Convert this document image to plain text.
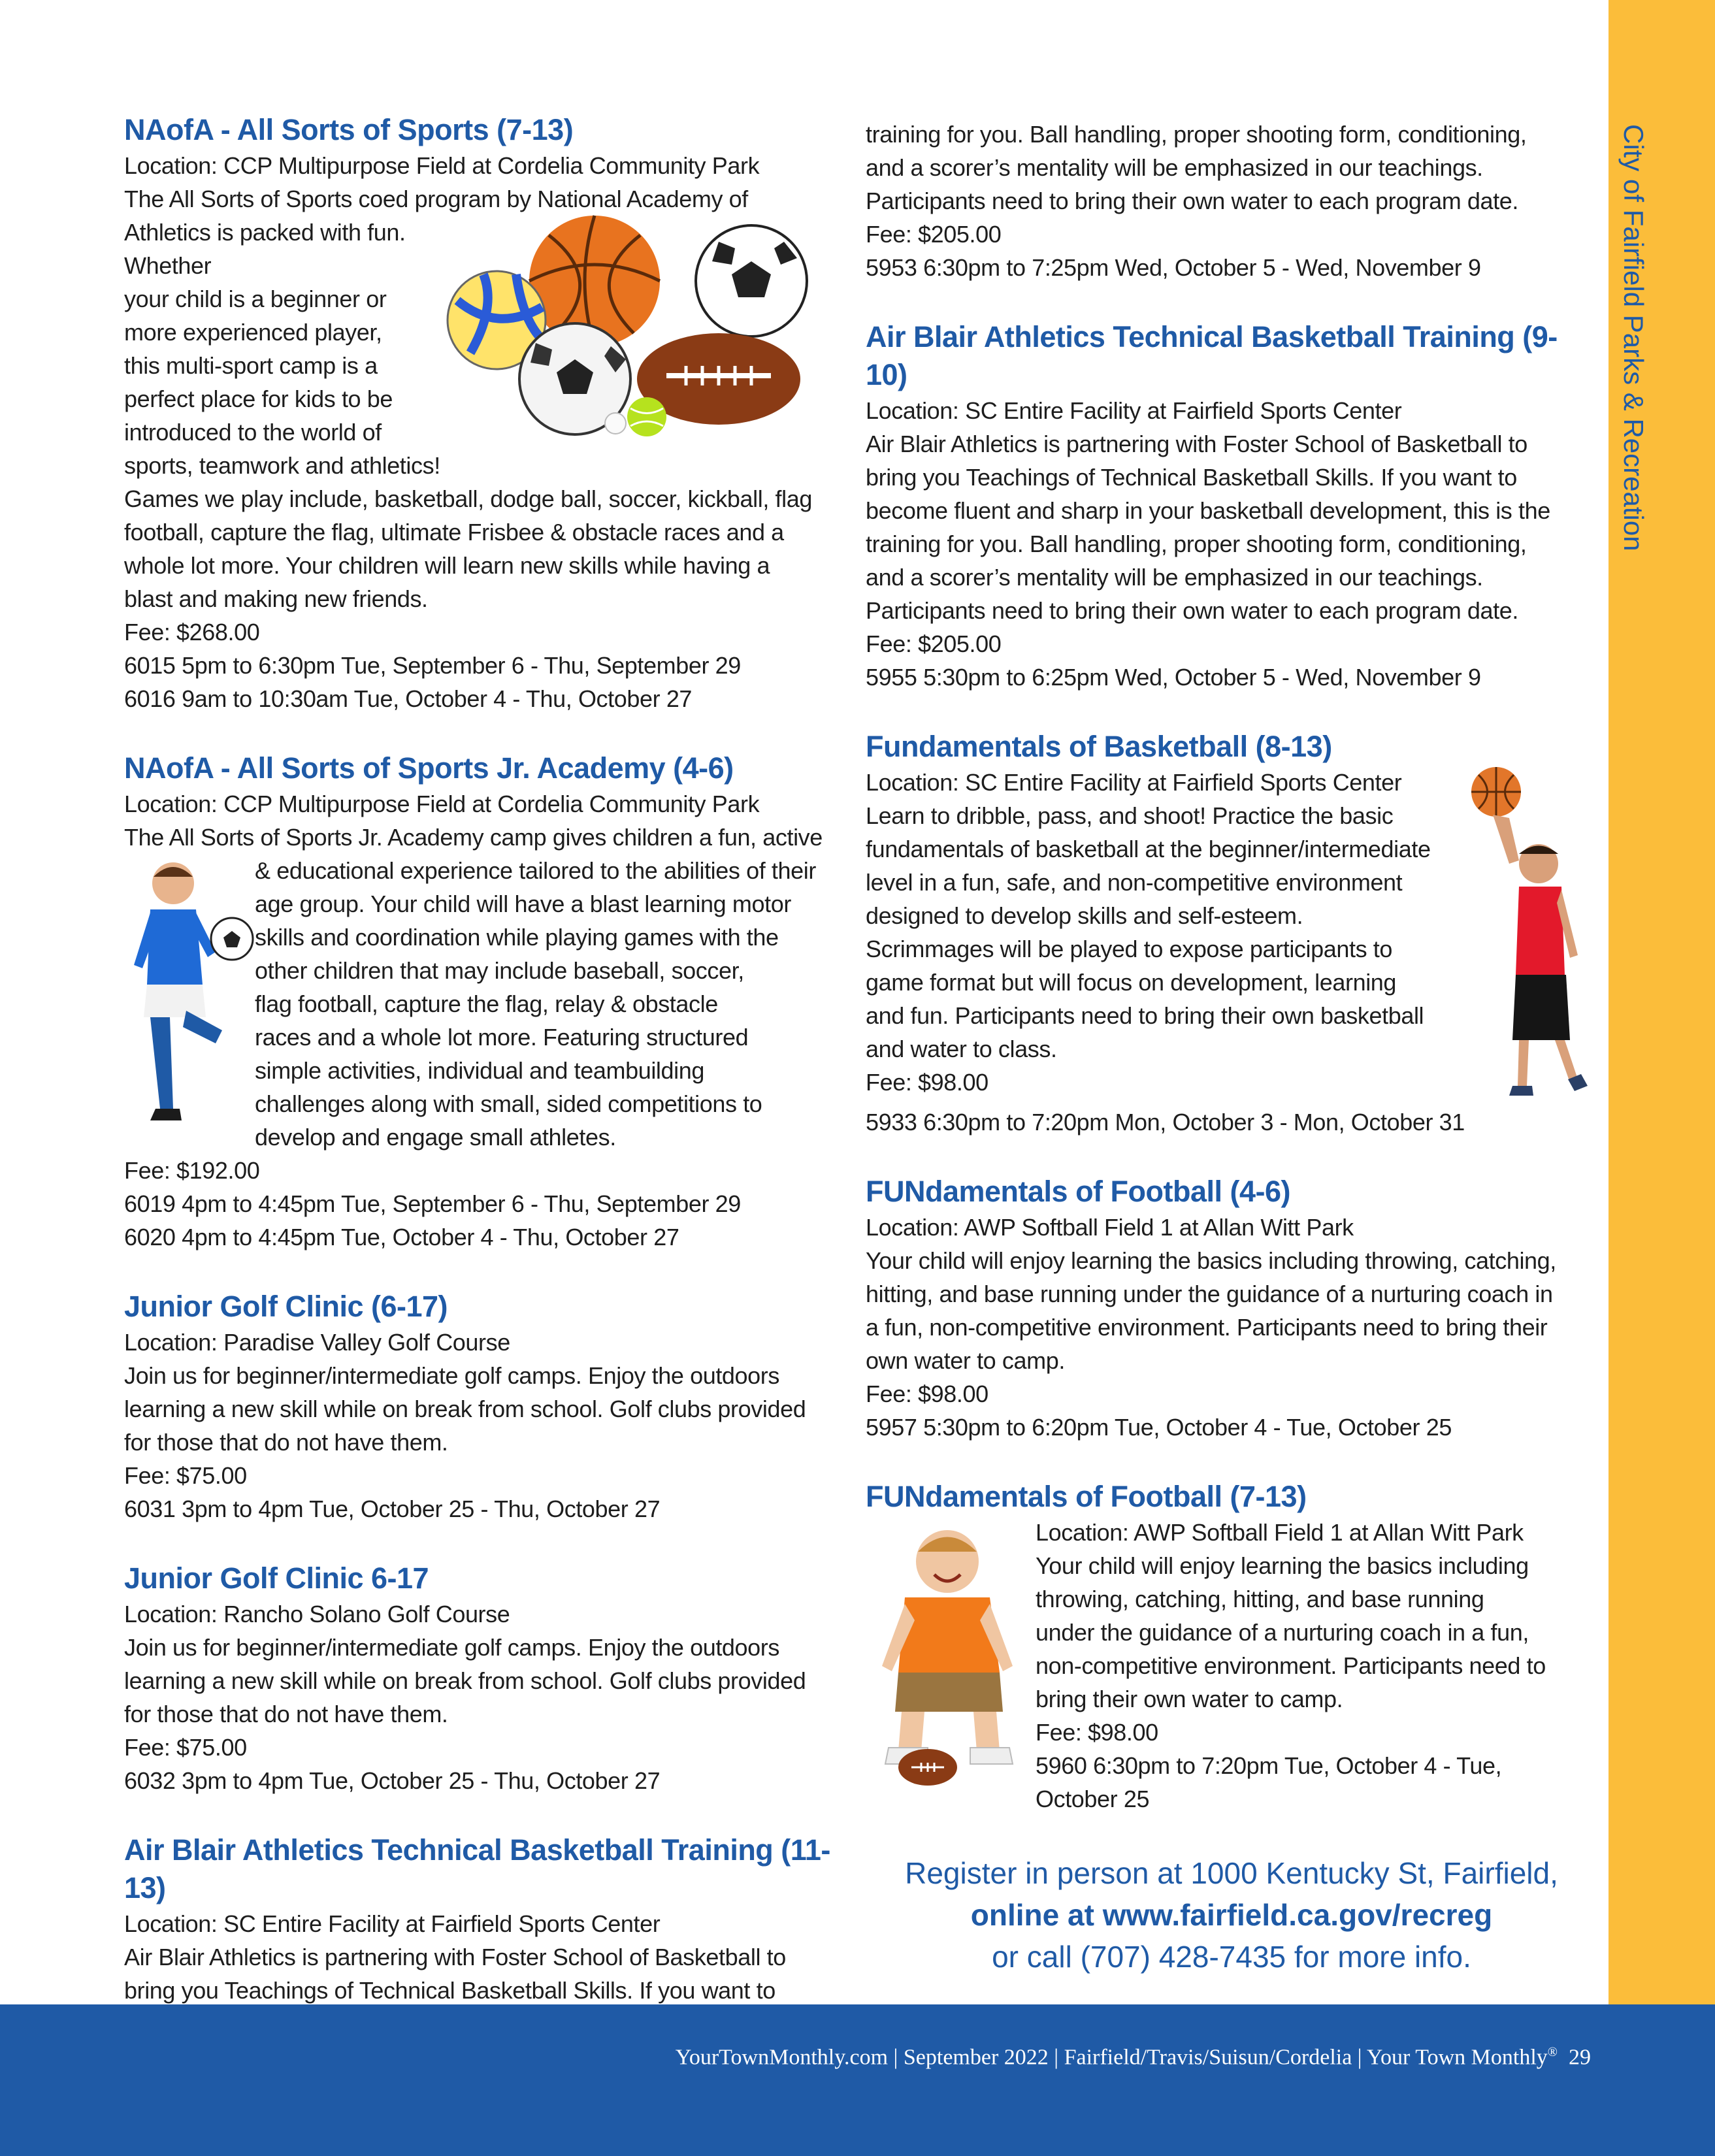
City of Fairfield Parks & Recreation
NAofA - All Sorts of Sports (7-13)

Location: CCP Multipurpose Field at Cordelia Community Park

The All Sorts of Sports coed program by National Academy of

Athletics is packed with fun. Whether

your child is a beginner or

more experienced player,

this multi-sport camp is a

perfect place for kids to be

introduced to the world of

sports, teamwork and athletics!

Games we play include, basketball, dodge ball, soccer, kickball, flag

football, capture the flag, ultimate Frisbee & obstacle races and a

whole lot more. Your children will learn new skills while having a

blast and making new friends.

Fee: $268.00

6015 5pm to 6:30pm Tue, September 6 - Thu, September 29

6016 9am to 10:30am Tue, October 4 - Thu, October 27

NAofA - All Sorts of Sports Jr. Academy (4-6)

Location: CCP Multipurpose Field at Cordelia Community Park

The All Sorts of Sports Jr. Academy camp gives children a fun, active

& educational experience tailored to the abilities of their

age group. Your child will have a blast learning motor

skills and coordination while playing games with the

other children that may include baseball, soccer,

flag football, capture the flag, relay & obstacle

races and a whole lot more. Featuring structured

simple activities, individual and teambuilding

challenges along with small, sided competitions to

develop and engage small athletes.

Fee: $192.00

6019 4pm to 4:45pm Tue, September 6 - Thu, September 29

6020 4pm to 4:45pm Tue, October 4 - Thu, October 27

Junior Golf Clinic (6-17)

Location: Paradise Valley Golf Course

Join us for beginner/intermediate golf camps. Enjoy the outdoors

learning a new skill while on break from school. Golf clubs provided

for those that do not have them.

Fee: $75.00

6031 3pm to 4pm Tue, October 25 - Thu, October 27

Junior Golf Clinic 6-17

Location: Rancho Solano Golf Course

Join us for beginner/intermediate golf camps. Enjoy the outdoors

learning a new skill while on break from school. Golf clubs provided

for those that do not have them.

Fee: $75.00

6032 3pm to 4pm Tue, October 25 - Thu, October 27

Air Blair Athletics Technical Basketball Training (11-13)

Location: SC Entire Facility at Fairfield Sports Center

Air Blair Athletics is partnering with Foster School of Basketball to

bring you Teachings of Technical Basketball Skills. If you want to

training for you. Ball handling, proper shooting form, conditioning,

and a scorer’s mentality will be emphasized in our teachings.

Participants need to bring their own water to each program date.

Fee: $205.00

5953 6:30pm to 7:25pm Wed, October 5 - Wed, November 9

Air Blair Athletics Technical Basketball Training (9-10)

Location: SC Entire Facility at Fairfield Sports Center

Air Blair Athletics is partnering with Foster School of Basketball to

bring you Teachings of Technical Basketball Skills. If you want to

become fluent and sharp in your basketball development, this is the

training for you. Ball handling, proper shooting form, conditioning,

and a scorer’s mentality will be emphasized in our teachings.

Participants need to bring their own water to each program date.

Fee: $205.00

5955 5:30pm to 6:25pm Wed, October 5 - Wed, November 9

Fundamentals of Basketball (8-13)

Location: SC Entire Facility at Fairfield Sports Center

Learn to dribble, pass, and shoot! Practice the basic

fundamentals of basketball at the beginner/intermediate

level in a fun, safe, and non-competitive environment

designed to develop skills and self-esteem.

Scrimmages will be played to expose participants to

game format but will focus on development, learning

and fun. Participants need to bring their own basketball

and water to class.

Fee: $98.00

5933 6:30pm to 7:20pm Mon, October 3 - Mon, October 31

FUNdamentals of Football (4-6)

Location: AWP Softball Field 1 at Allan Witt Park

Your child will enjoy learning the basics including throwing, catching,

hitting, and base running under the guidance of a nurturing coach in

a fun, non-competitive environment. Participants need to bring their

own water to camp.

Fee: $98.00

5957 5:30pm to 6:20pm Tue, October 4 - Tue, October 25

FUNdamentals of Football (7-13)

Location: AWP Softball Field 1 at Allan Witt Park

Your child will enjoy learning the basics including

throwing, catching, hitting, and base running

under the guidance of a nurturing coach in a fun,

non-competitive environment. Participants need to

bring their own water to camp.

Fee: $98.00

5960 6:30pm to 7:20pm Tue, October 4 - Tue,

October 25

Register in person at 1000 Kentucky St, Fairfield,
online at www.fairfield.ca.gov/recreg
or call (707) 428-7435 for more info.
YourTownMonthly.com | September 2022 | Fairfield/Travis/Suisun/Cordelia | Your Town Monthly® 29
